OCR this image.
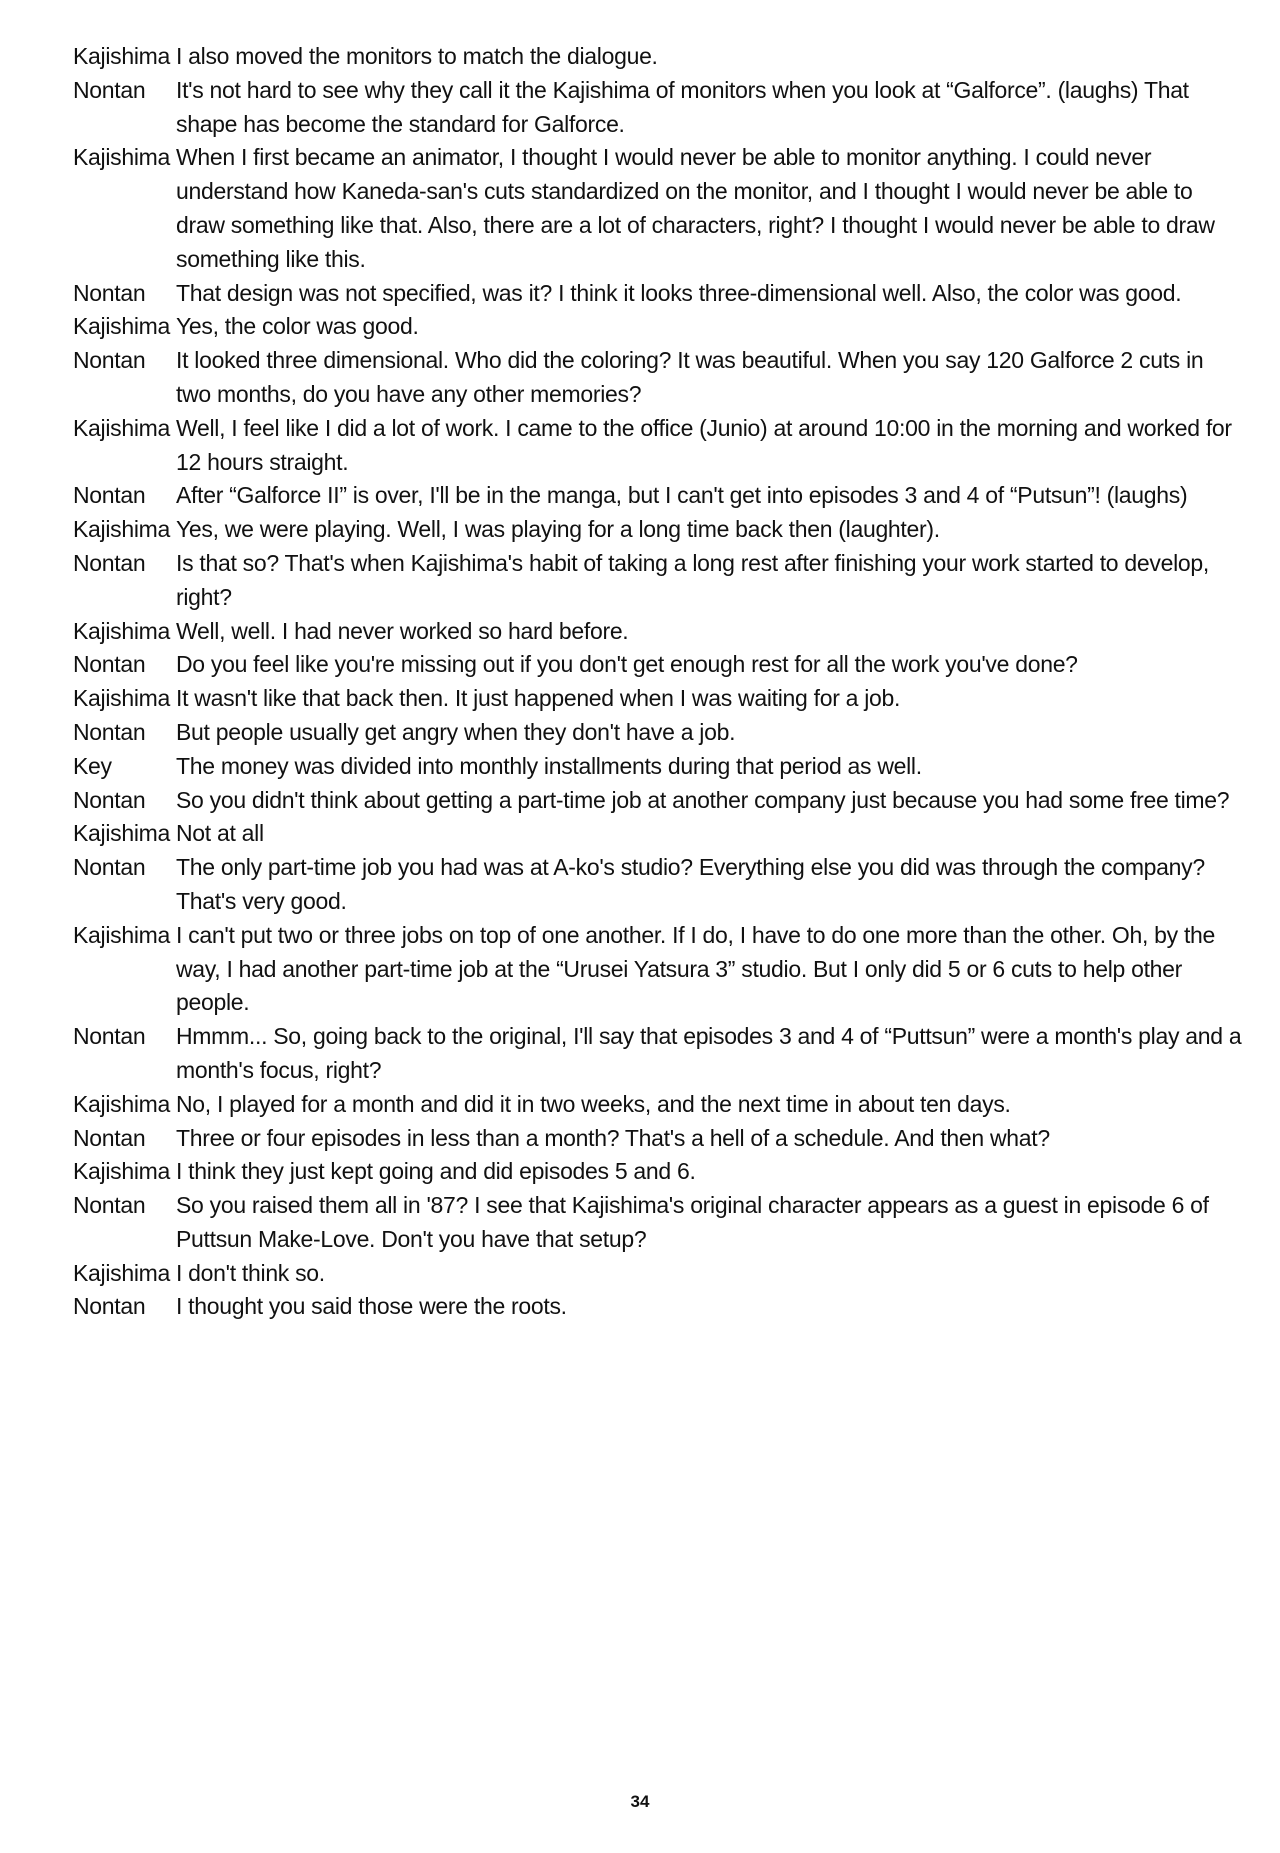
Kajishima I also moved the monitors to match the dialogue.
Nontan	It's not hard to see why they call it the Kajishima of monitors when you look at “Galforce”. (laughs) That shape has become the standard for Galforce.
Kajishima When I first became an animator, I thought I would never be able to monitor anything. I could never understand how Kaneda-san's cuts standardized on the monitor, and I thought I would never be able to draw something like that. Also, there are a lot of characters, right? I thought I would never be able to draw something like this.
Nontan	That design was not specified, was it? I think it looks three-dimensional well. Also, the color was good.
Kajishima Yes, the color was good.
Nontan	It looked three dimensional. Who did the coloring? It was beautiful. When you say 120 Galforce 2 cuts in two months, do you have any other memories?
Kajishima Well, I feel like I did a lot of work. I came to the office (Junio) at around 10:00 in the morning and worked for 12 hours straight.
Nontan	After “Galforce II” is over, I'll be in the manga, but I can't get into episodes 3 and 4 of “Putsun”! (laughs)
Kajishima Yes, we were playing. Well, I was playing for a long time back then (laughter).
Nontan	Is that so? That's when Kajishima's habit of taking a long rest after finishing your work started to develop, right?
Kajishima Well, well. I had never worked so hard before.
Nontan	Do you feel like you're missing out if you don't get enough rest for all the work you've done?
Kajishima It wasn't like that back then. It just happened when I was waiting for a job.
Nontan	But people usually get angry when they don't have a job.
Key	The money was divided into monthly installments during that period as well.
Nontan	So you didn't think about getting a part-time job at another company just because you had some free time?
Kajishima Not at all
Nontan	The only part-time job you had was at A-ko's studio? Everything else you did was through the company? That's very good.
Kajishima I can't put two or three jobs on top of one another. If I do, I have to do one more than the other. Oh, by the way, I had another part-time job at the “Urusei Yatsura 3” studio. But I only did 5 or 6 cuts to help other people.
Nontan	Hmmm... So, going back to the original, I'll say that episodes 3 and 4 of “Puttsun” were a month's play and a month's focus, right?
Kajishima No, I played for a month and did it in two weeks, and the next time in about ten days.
Nontan	Three or four episodes in less than a month? That's a hell of a schedule. And then what?
Kajishima I think they just kept going and did episodes 5 and 6.
Nontan	So you raised them all in '87? I see that Kajishima's original character appears as a guest in episode 6 of Puttsun Make-Love. Don't you have that setup?
Kajishima I don't think so.
Nontan	I thought you said those were the roots.
34
